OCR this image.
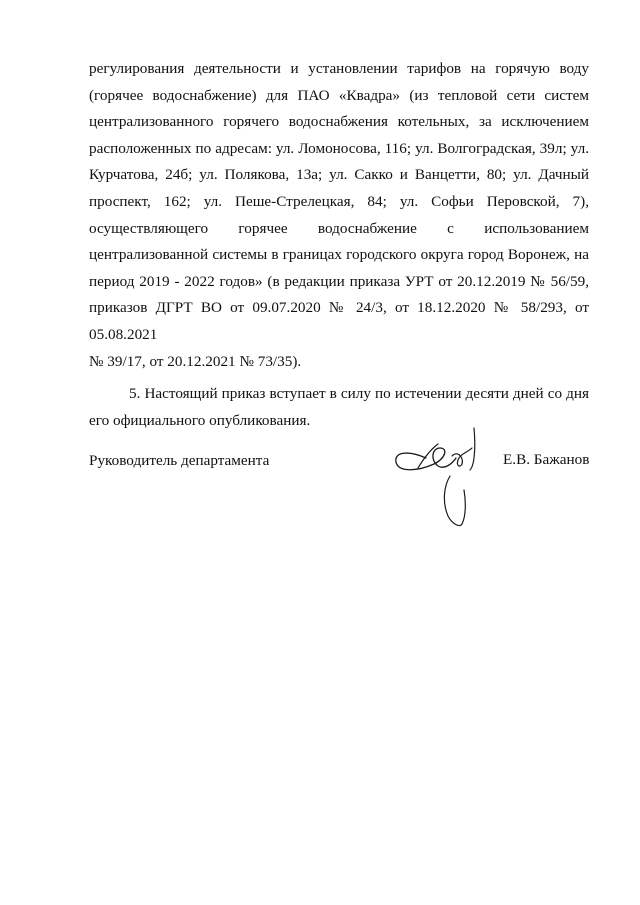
регулирования деятельности и установлении тарифов на горячую воду
(горячее водоснабжение) для ПАО «Квадра» (из тепловой сети систем
централизованного горячего водоснабжения котельных, за исключением
расположенных по адресам: ул. Ломоносова, 116; ул. Волгоградская, 39л; ул.
Курчатова, 24б; ул. Полякова, 13а; ул. Сакко и Ванцетти, 80; ул. Дачный
проспект, 162; ул. Пеше-Стрелецкая, 84; ул. Софьи Перовской, 7),
осуществляющего горячее водоснабжение с использованием
централизованной системы в границах городского округа город Воронеж, на
период 2019 - 2022 годов» (в редакции приказа УРТ от 20.12.2019 № 56/59,
приказов ДГРТ ВО от 09.07.2020 № 24/3, от 18.12.2020 № 58/293, от 05.08.2021
№ 39/17, от 20.12.2021 № 73/35).
5. Настоящий приказ вступает в силу по истечении десяти дней со дня
его официального опубликования.
Руководитель департамента	Е.В. Бажанов
